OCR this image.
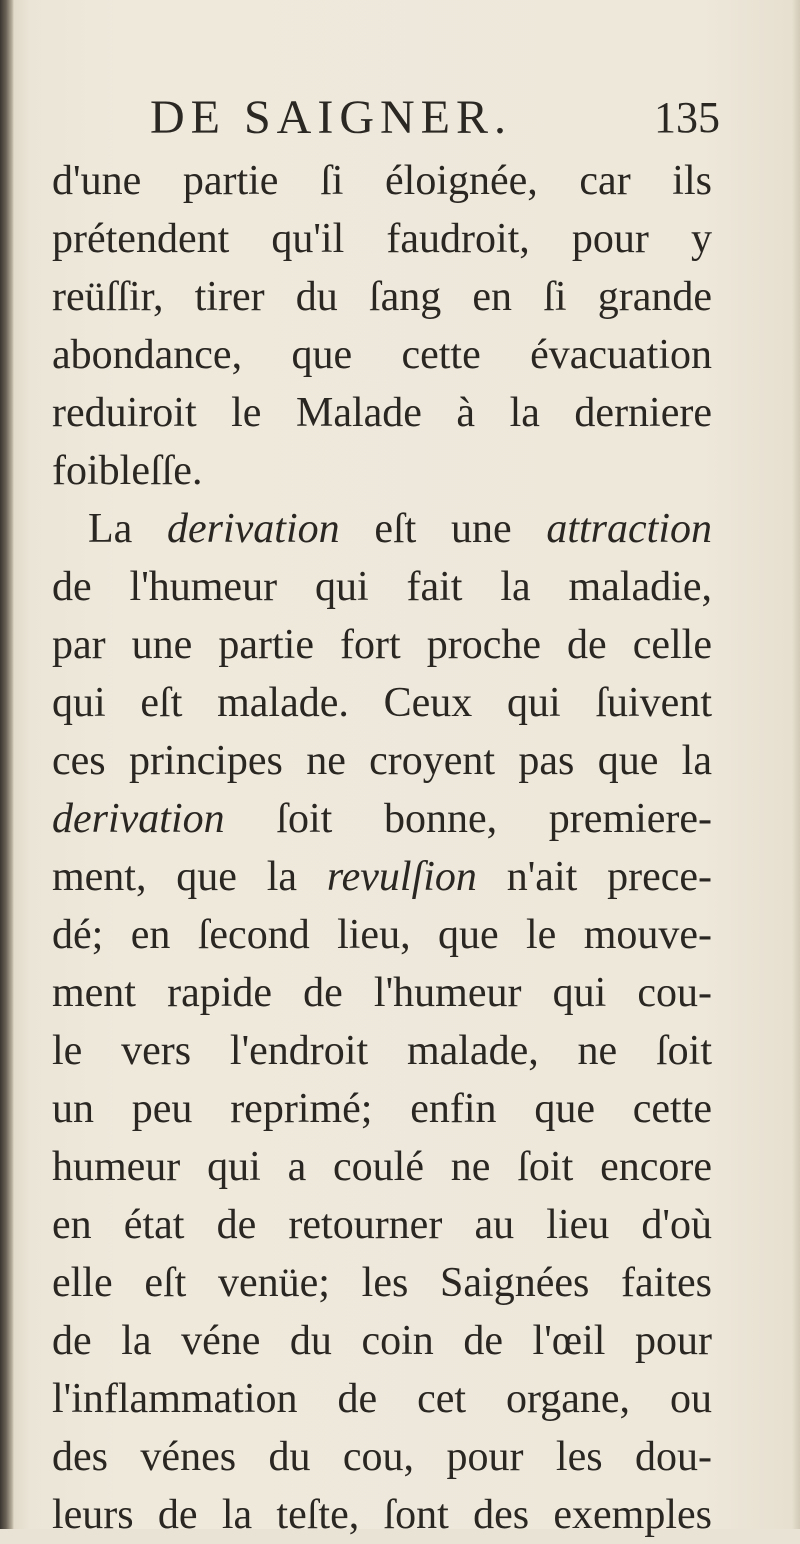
DE SAIGNER.	135
d'une partie ſi éloignée, car ils
prétendent qu'il faudroit, pour y
reüſſir, tirer du ſang en ſi grande
abondance, que cette évacuation
reduiroit le Malade à la derniere
foibleſſe.
La derivation eſt une attraction
de l'humeur qui fait la maladie,
par une partie fort proche de celle
qui eſt malade. Ceux qui ſuivent
ces principes ne croyent pas que la
derivation ſoit bonne, premiere-
ment, que la revulſion n'ait prece-
dé; en ſecond lieu, que le mouve-
ment rapide de l'humeur qui cou-
le vers l'endroit malade, ne ſoit
un peu reprimé; enfin que cette
humeur qui a coulé ne ſoit encore
en état de retourner au lieu d'où
elle eſt venüe; les Saignées faites
de la véne du coin de l'œil pour
l'inflammation de cet organe, ou
des vénes du cou, pour les dou-
leurs de la teſte, ſont des exemples
